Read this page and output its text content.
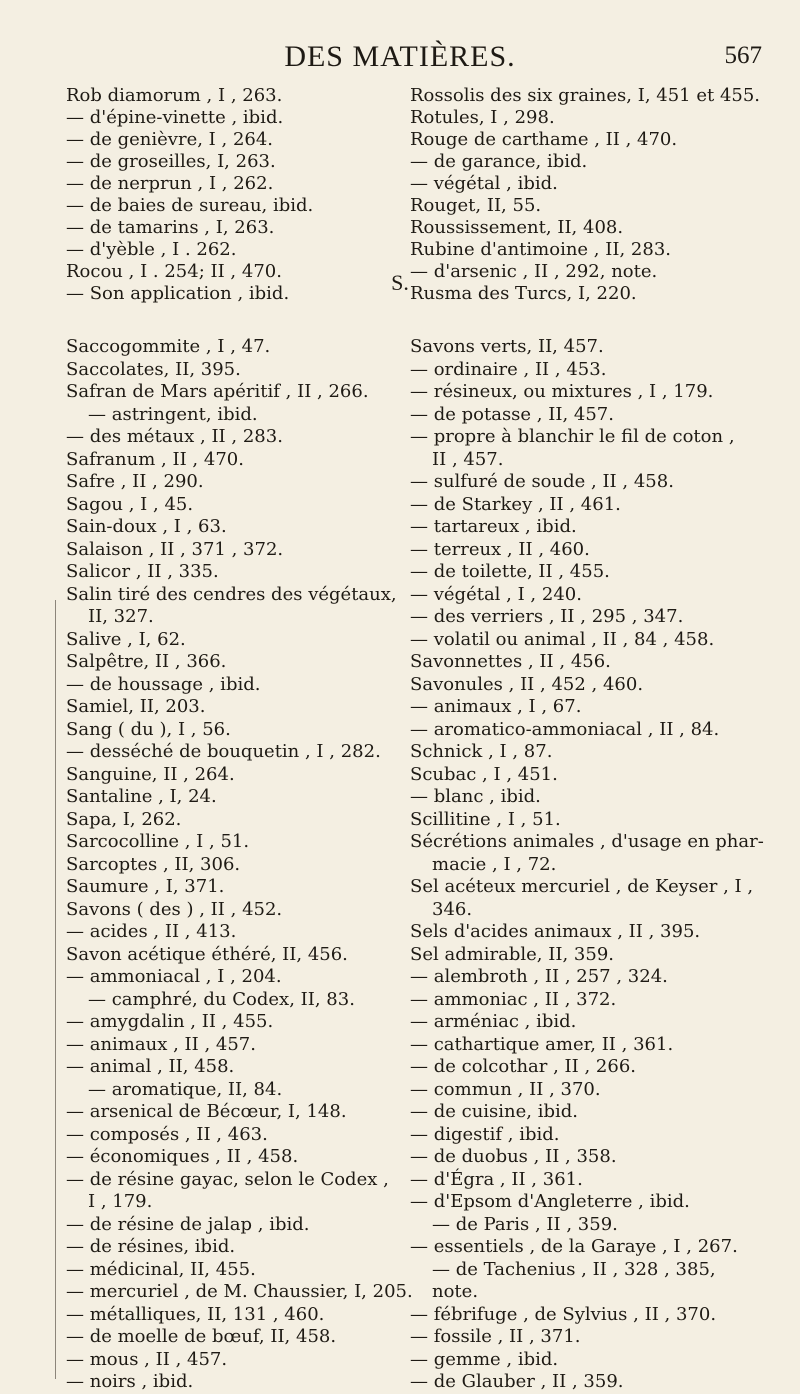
DES MATIÈRES.	567
Rob diamorum , I , 263.
— d'épine-vinette , ibid.
— de genièvre, I , 264.
— de groseilles, I, 263.
— de nerprun , I , 262.
— de baies de sureau, ibid.
— de tamarins , I, 263.
— d'yèble , I . 262.
Rocou , I . 254; II , 470.
— Son application , ibid.
Rossolis des six graines, I, 451 et 455.
Rotules, I , 298.
Rouge de carthame , II , 470.
— de garance, ibid.
— végétal , ibid.
Rouget, II, 55.
Roussissement, II, 408.
Rubine d'antimoine , II, 283.
— d'arsenic , II , 292, note.
Rusma des Turcs, I, 220.
S.
Saccogommite , I , 47.
Saccolates, II, 395.
Safran de Mars apéritif , II , 266.
— astringent, ibid.
— des métaux , II , 283.
Safranum , II , 470.
Safre , II , 290.
Sagou , I , 45.
Sain-doux , I , 63.
Salaison , II , 371 , 372.
Salicor , II , 335.
Salin tiré des cendres des végétaux,
II, 327.
Salive , I, 62.
Salpêtre, II , 366.
— de houssage , ibid.
Samiel, II, 203.
Sang ( du ), I , 56.
— desséché de bouquetin , I , 282.
Sanguine, II , 264.
Santaline , I, 24.
Sapa, I, 262.
Sarcocolline , I , 51.
Sarcoptes , II, 306.
Saumure , I, 371.
Savons ( des ) , II , 452.
— acides , II , 413.
Savon acétique éthéré, II, 456.
— ammoniacal , I , 204.
— camphré, du Codex, II, 83.
— amygdalin , II , 455.
— animaux , II , 457.
— animal , II, 458.
— aromatique, II, 84.
— arsenical de Bécœur, I, 148.
— composés , II , 463.
— économiques , II , 458.
— de résine gayac, selon le Codex ,
I , 179.
— de résine de jalap , ibid.
— de résines, ibid.
— médicinal, II, 455.
— mercuriel , de M. Chaussier, I, 205.
— métalliques, II, 131 , 460.
— de moelle de bœuf, II, 458.
— mous , II , 457.
— noirs , ibid.
Savons verts, II, 457.
— ordinaire , II , 453.
— résineux, ou mixtures , I , 179.
— de potasse , II, 457.
— propre à blanchir le fil de coton ,
II , 457.
— sulfuré de soude , II , 458.
— de Starkey , II , 461.
— tartareux , ibid.
— terreux , II , 460.
— de toilette, II , 455.
— végétal , I , 240.
— des verriers , II , 295 , 347.
— volatil ou animal , II , 84 , 458.
Savonnettes , II , 456.
Savonules , II , 452 , 460.
— animaux , I , 67.
— aromatico-ammoniacal , II , 84.
Schnick , I , 87.
Scubac , I , 451.
— blanc , ibid.
Scillitine , I , 51.
Sécrétions animales , d'usage en phar-
macie , I , 72.
Sel acéteux mercuriel , de Keyser , I ,
346.
Sels d'acides animaux , II , 395.
Sel admirable, II, 359.
— alembroth , II , 257 , 324.
— ammoniac , II , 372.
— arméniac , ibid.
— cathartique amer, II , 361.
— de colcothar , II , 266.
— commun , II , 370.
— de cuisine, ibid.
— digestif , ibid.
— de duobus , II , 358.
— d'Égra , II , 361.
— d'Epsom d'Angleterre , ibid.
— de Paris , II , 359.
— essentiels , de la Garaye , I , 267.
— de Tachenius , II , 328 , 385,
note.
— fébrifuge , de Sylvius , II , 370.
— fossile , II , 371.
— gemme , ibid.
— de Glauber , II , 359.
